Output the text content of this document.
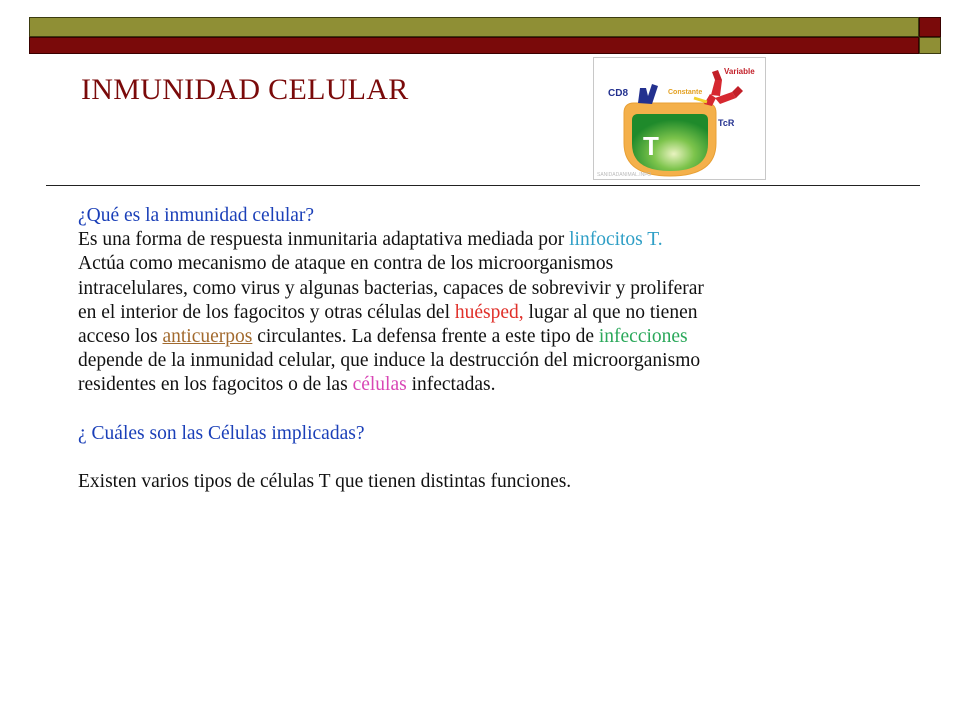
INMUNIDAD CELULAR	CD8
Variable
Constante
TcR
T
SANIDADANIMAL.INFO
¿Qué es la inmunidad celular?
Es una forma de respuesta inmunitaria adaptativa mediada por linfocitos T.
Actúa como mecanismo de ataque en contra de los microorganismos
intracelulares, como virus y algunas bacterias, capaces de sobrevivir y proliferar
en el interior de los fagocitos y otras células del huésped, lugar al que no tienen
acceso los anticuerpos circulantes. La defensa frente a este tipo de infecciones
depende de la inmunidad celular, que induce la destrucción del microorganismo
residentes en los fagocitos o de las células infectadas.
¿ Cuáles son las Células implicadas?
Existen varios tipos de células T que tienen distintas funciones.
